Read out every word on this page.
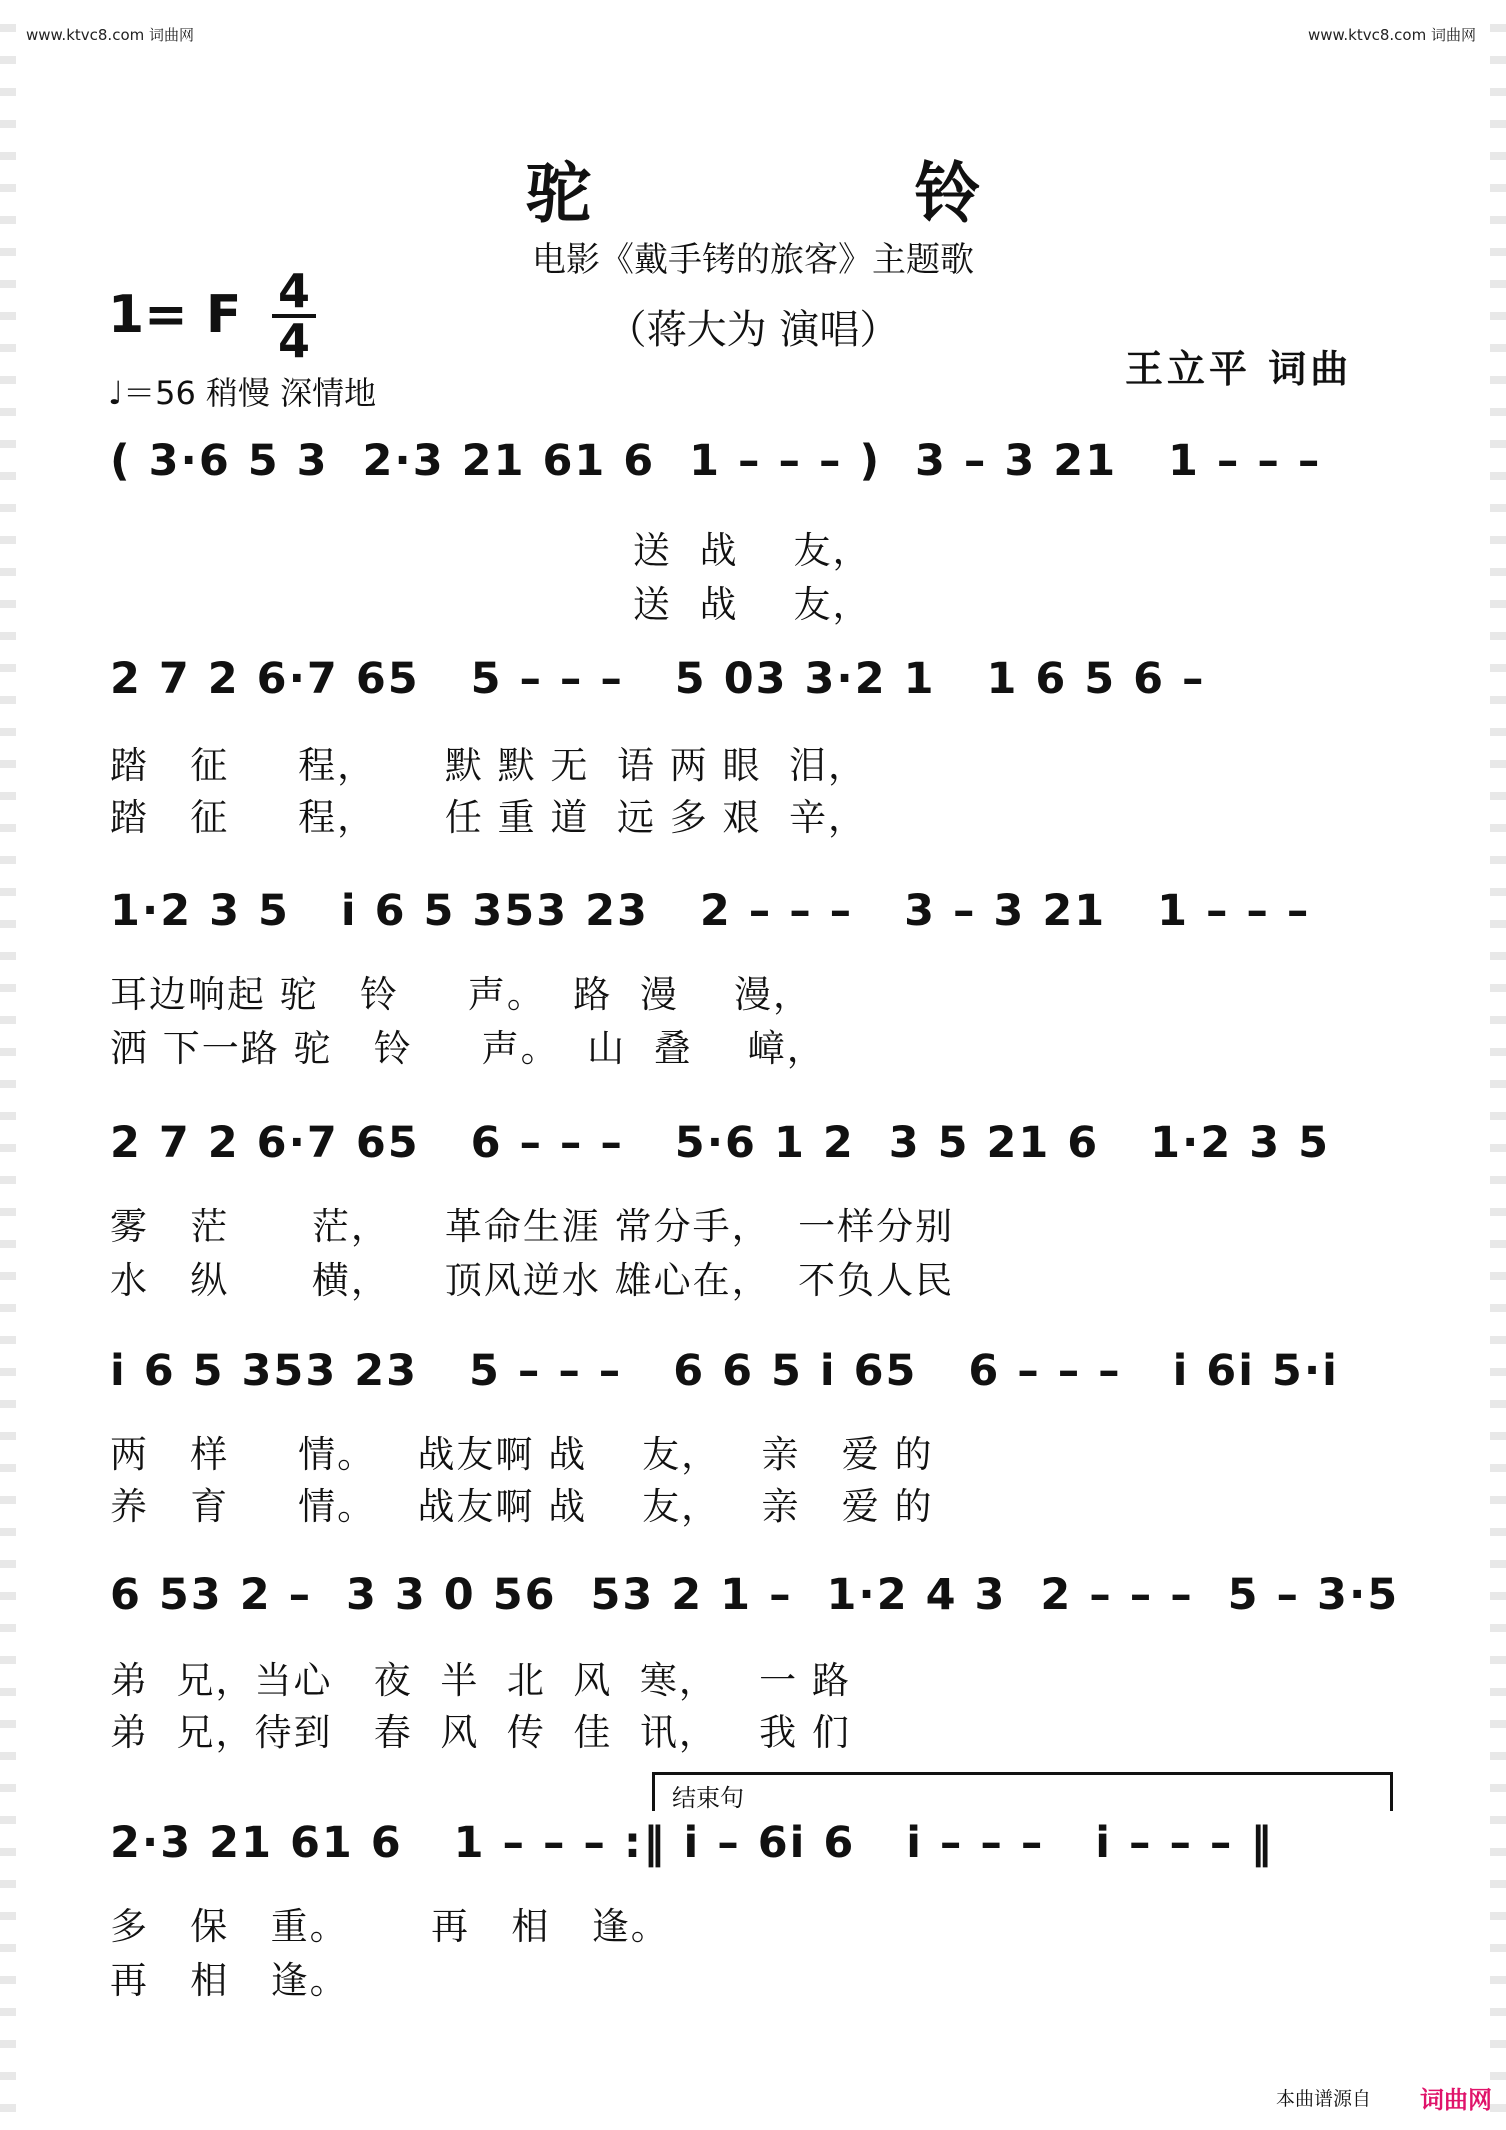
www.ktvc8.com 词曲网	www.ktvc8.com 词曲网
驼 铃
电影《戴手铐的旅客》主题歌
（蒋大为 演唱）
1= F 4
4
♩＝56 稍慢 深情地
王立平 词曲
( 3·6 5 3  2·3 21 61 6  1 – – – )  3 – 3 21   1 – – –
送  战    友，
送  战    友，
2 7 2 6·7 65   5 – – –   5 03 3·2 1   1 6 5 6 –
踏   征     程，     默 默 无  语 两 眼  泪，
踏   征     程，     任 重 道  远 多 艰  辛，
1·2 3 5   i 6 5 353 23   2 – – –   3 – 3 21   1 – – –
耳边响起 驼   铃     声。  路  漫    漫，
洒 下一路 驼   铃     声。  山  叠    嶂，
2 7 2 6·7 65   6 – – –   5·6 1 2  3 5 21 6   1·2 3 5
雾   茫      茫，    革命生涯 常分手，  一样分别
水   纵      横，    顶风逆水 雄心在，  不负人民
i 6 5 353 23   5 – – –   6 6 5 i 65   6 – – –   i 6i 5·i
两   样     情。   战友啊 战    友，   亲   爱 的
养   育     情。   战友啊 战    友，   亲   爱 的
6 53 2 –  3 3 0 56  53 2 1 –  1·2 4 3  2 – – –  5 – 3·5
弟  兄，当心   夜  半  北  风  寒，   一 路
弟  兄，待到   春  风  传  佳  讯，   我 们
结束句
2·3 21 61 6   1 – – – :‖ i – 6i 6   i – – –   i – – – ‖
多   保   重。      再   相   逢。
再   相   逢。
本曲谱源自 词曲网
